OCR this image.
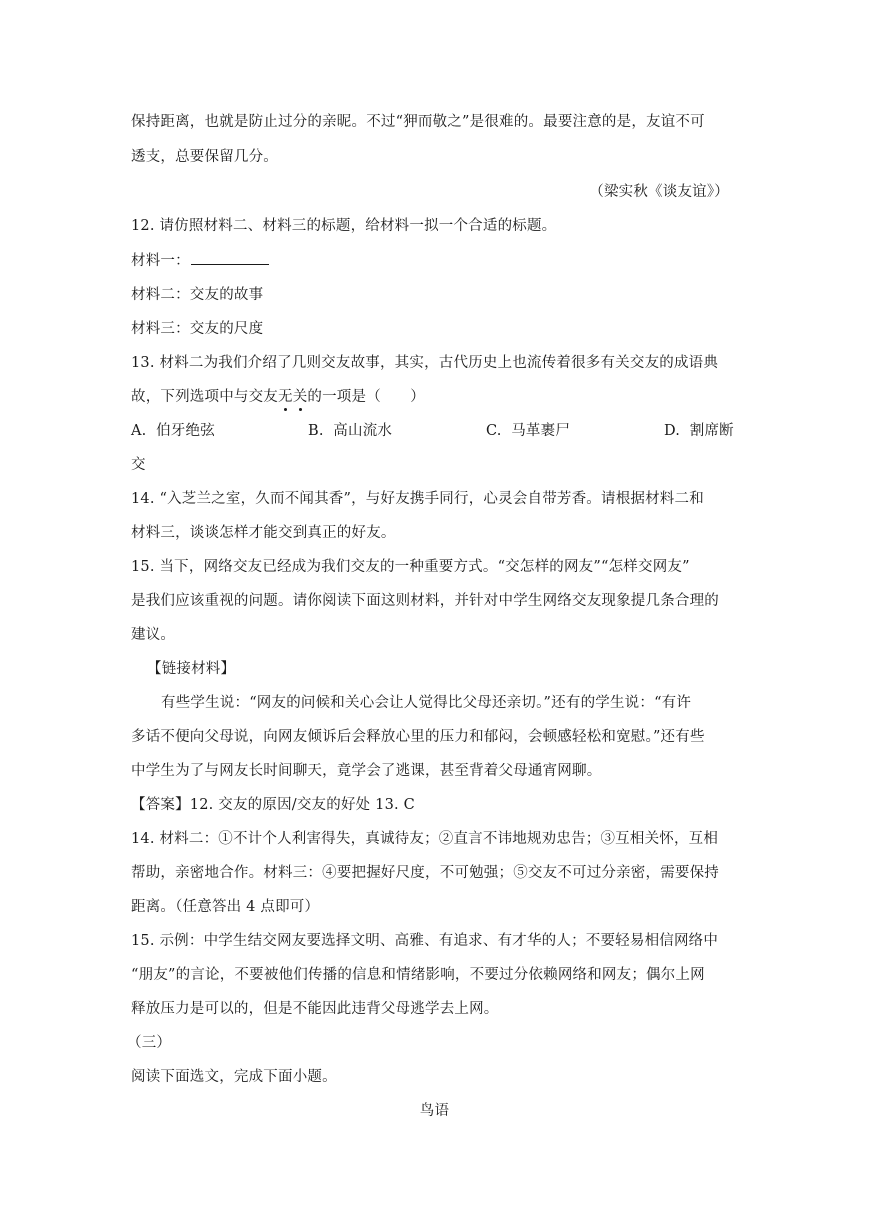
保持距离，也就是防止过分的亲昵。不过“狎而敬之”是很难的。最要注意的是，友谊不可
透支，总要保留几分。
（梁实秋《谈友谊》）
12. 请仿照材料二、材料三的标题，给材料一拟一个合适的标题。
材料一：
材料二：交友的故事
材料三：交友的尺度
13. 材料二为我们介绍了几则交友故事，其实，古代历史上也流传着很多有关交友的成语典
故，下列选项中与交友无关的一项是（　　）
A. 伯牙绝弦	B. 高山流水	C. 马革裹尸	D. 割席断
交
14. “入芝兰之室，久而不闻其香”，与好友携手同行，心灵会自带芳香。请根据材料二和
材料三，谈谈怎样才能交到真正的好友。
15. 当下，网络交友已经成为我们交友的一种重要方式。“交怎样的网友”“怎样交网友”
是我们应该重视的问题。请你阅读下面这则材料，并针对中学生网络交友现象提几条合理的
建议。
【链接材料】
有些学生说：“网友的问候和关心会让人觉得比父母还亲切。”还有的学生说：“有许
多话不便向父母说，向网友倾诉后会释放心里的压力和郁闷，会顿感轻松和宽慰。”还有些
中学生为了与网友长时间聊天，竟学会了逃课，甚至背着父母通宵网聊。
【答案】12. 交友的原因/交友的好处 13. C
14. 材料二：①不计个人利害得失，真诚待友；②直言不讳地规劝忠告；③互相关怀，互相
帮助，亲密地合作。材料三：④要把握好尺度，不可勉强；⑤交友不可过分亲密，需要保持
距离。（任意答出 4 点即可）
15. 示例：中学生结交网友要选择文明、高雅、有追求、有才华的人；不要轻易相信网络中
“朋友”的言论，不要被他们传播的信息和情绪影响，不要过分依赖网络和网友；偶尔上网
释放压力是可以的，但是不能因此违背父母逃学去上网。
（三）
阅读下面选文，完成下面小题。
鸟语
